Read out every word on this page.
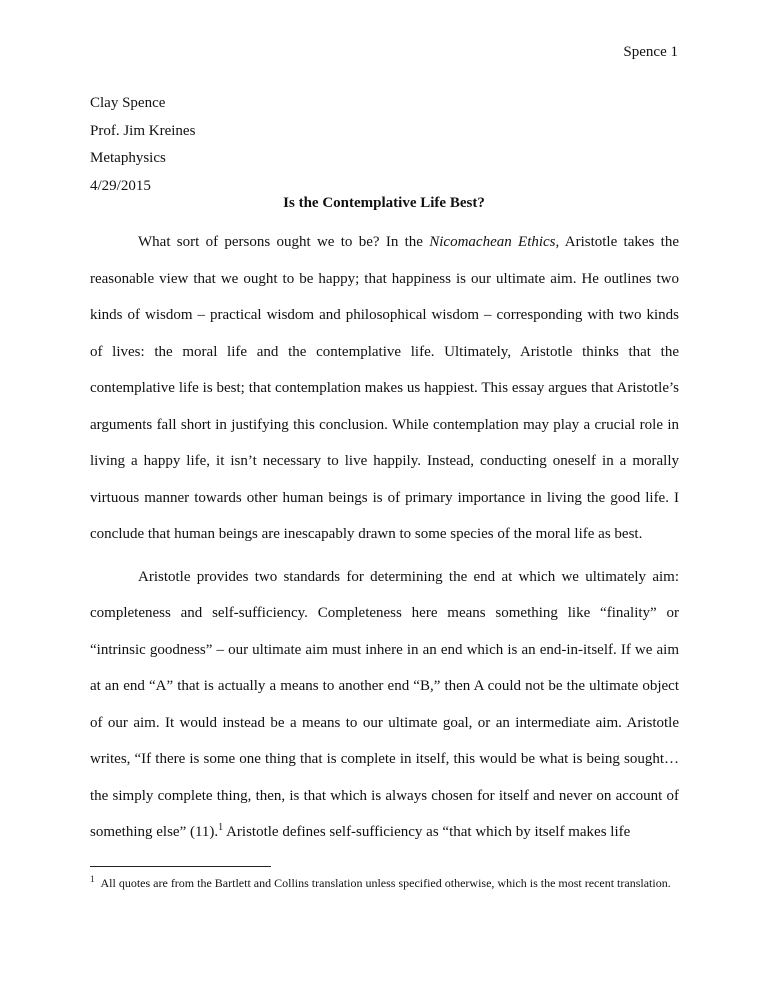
Spence 1
Clay Spence
Prof. Jim Kreines
Metaphysics
4/29/2015
Is the Contemplative Life Best?

What sort of persons ought we to be? In the Nicomachean Ethics, Aristotle takes the reasonable view that we ought to be happy; that happiness is our ultimate aim. He outlines two kinds of wisdom – practical wisdom and philosophical wisdom – corresponding with two kinds of lives: the moral life and the contemplative life. Ultimately, Aristotle thinks that the contemplative life is best; that contemplation makes us happiest. This essay argues that Aristotle’s arguments fall short in justifying this conclusion. While contemplation may play a crucial role in living a happy life, it isn’t necessary to live happily. Instead, conducting oneself in a morally virtuous manner towards other human beings is of primary importance in living the good life. I conclude that human beings are inescapably drawn to some species of the moral life as best.

Aristotle provides two standards for determining the end at which we ultimately aim: completeness and self-sufficiency. Completeness here means something like “finality” or “intrinsic goodness” – our ultimate aim must inhere in an end which is an end-in-itself. If we aim at an end “A” that is actually a means to another end “B,” then A could not be the ultimate object of our aim. It would instead be a means to our ultimate goal, or an intermediate aim. Aristotle writes, “If there is some one thing that is complete in itself, this would be what is being sought…the simply complete thing, then, is that which is always chosen for itself and never on account of something else” (11).$^1$ Aristotle defines self-sufficiency as “that which by itself makes life

$^1$ All quotes are from the Bartlett and Collins translation unless specified otherwise, which is the most recent translation.
